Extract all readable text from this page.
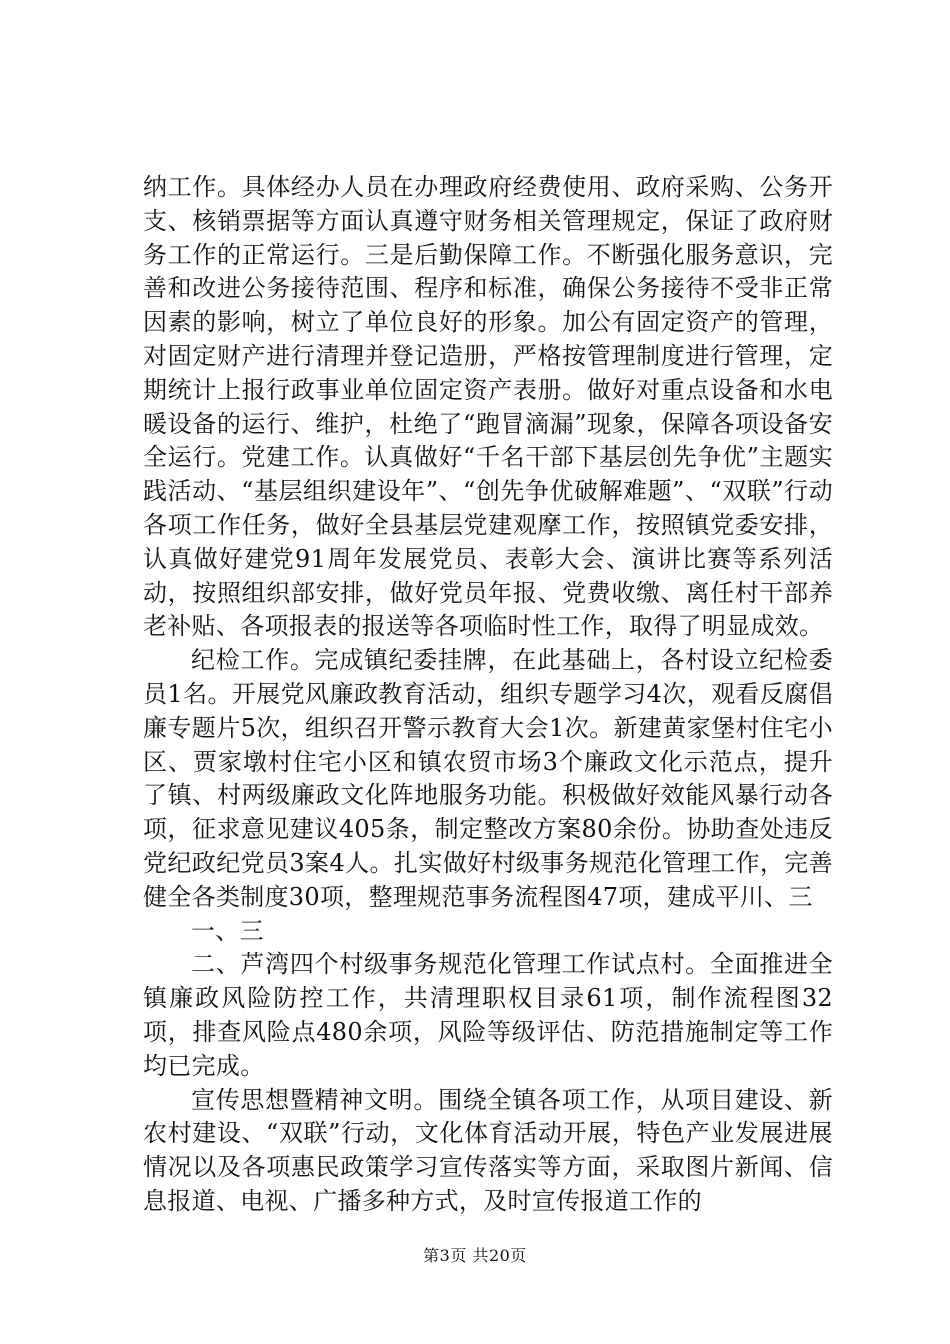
纳工作。具体经办人员在办理政府经费使用、政府采购、公务开支、核销票据等方面认真遵守财务相关管理规定，保证了政府财务工作的正常运行。三是后勤保障工作。不断强化服务意识，完善和改进公务接待范围、程序和标准，确保公务接待不受非正常因素的影响，树立了单位良好的形象。加公有固定资产的管理，对固定财产进行清理并登记造册，严格按管理制度进行管理，定期统计上报行政事业单位固定资产表册。做好对重点设备和水电暖设备的运行、维护，杜绝了“跑冒滴漏”现象，保障各项设备安全运行。党建工作。认真做好“千名干部下基层创先争优”主题实践活动、“基层组织建设年”、“创先争优破解难题”、“双联”行动各项工作任务，做好全县基层党建观摩工作，按照镇党委安排，认真做好建党91周年发展党员、表彰大会、演讲比赛等系列活动，按照组织部安排，做好党员年报、党费收缴、离任村干部养老补贴、各项报表的报送等各项临时性工作，取得了明显成效。

纪检工作。完成镇纪委挂牌，在此基础上，各村设立纪检委员1名。开展党风廉政教育活动，组织专题学习4次，观看反腐倡廉专题片5次，组织召开警示教育大会1次。新建黄家堡村住宅小区、贾家墩村住宅小区和镇农贸市场3个廉政文化示范点，提升了镇、村两级廉政文化阵地服务功能。积极做好效能风暴行动各项，征求意见建议405条，制定整改方案80余份。协助查处违反党纪政纪党员3案4人。扎实做好村级事务规范化管理工作，完善健全各类制度30项，整理规范事务流程图47项，建成平川、三

一、三

二、芦湾四个村级事务规范化管理工作试点村。全面推进全镇廉政风险防控工作，共清理职权目录61项，制作流程图32项，排查风险点480余项，风险等级评估、防范措施制定等工作均已完成。

宣传思想暨精神文明。围绕全镇各项工作，从项目建设、新农村建设、“双联”行动，文化体育活动开展，特色产业发展进展情况以及各项惠民政策学习宣传落实等方面，采取图片新闻、信息报道、电视、广播多种方式，及时宣传报道工作的

第3页 共20页
